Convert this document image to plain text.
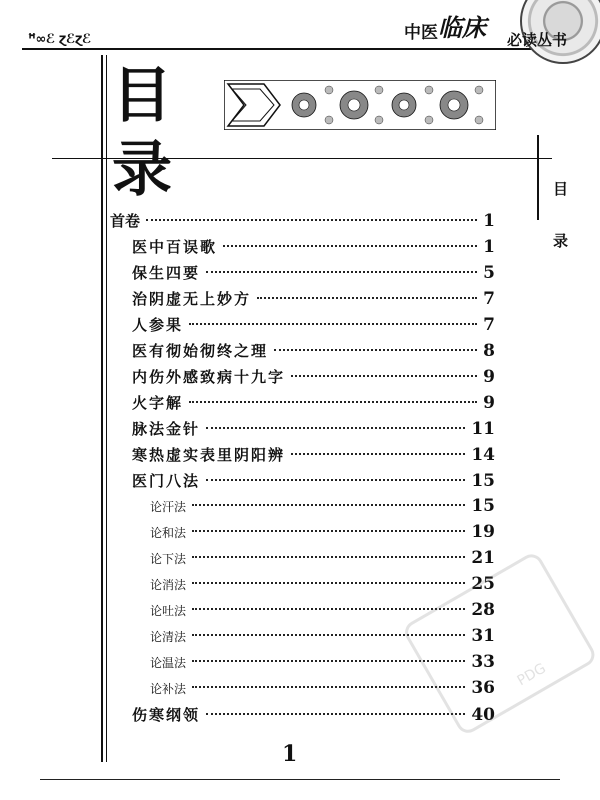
ꟸ∞ℰ ɀℰɀℰ	中医 临床 必读丛书
目
录	目
录
首卷	1
医中百误歌	1
保生四要	5
治阴虚无上妙方	7
人参果	7
医有彻始彻终之理	8
内伤外感致病十九字	9
火字解	9
脉法金针	11
寒热虚实表里阴阳辨	14
医门八法	15
论汗法	15
论和法	19
论下法	21
论消法	25
论吐法	28
论清法	31
论温法	33
论补法	36
伤寒纲领	40
PDG
1
